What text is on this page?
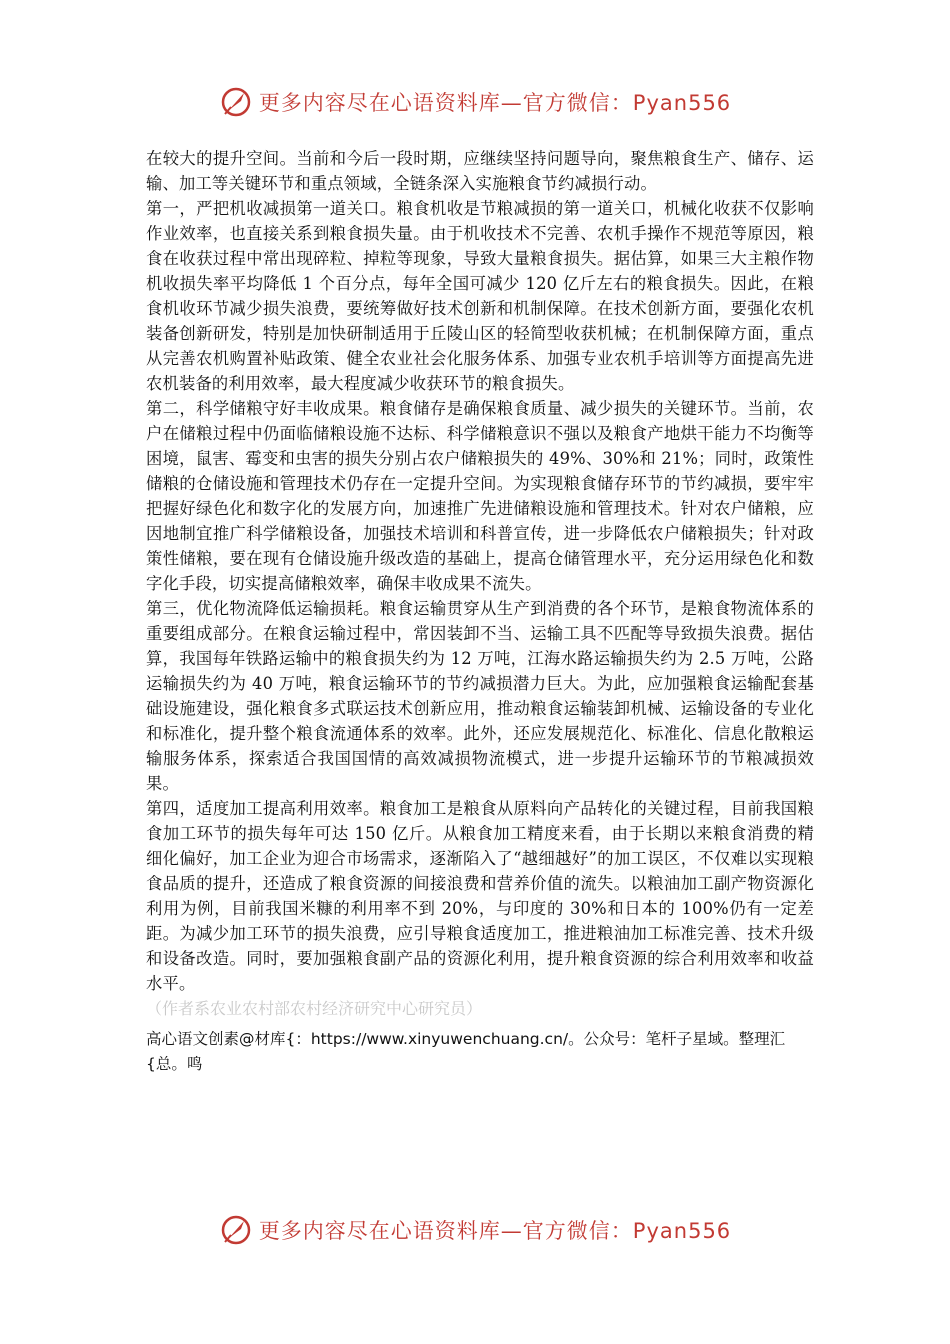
更多内容尽在心语资料库—官方微信：Pyan556

在较大的提升空间。当前和今后一段时期，应继续坚持问题导向，聚焦粮食生产、储存、运输、加工等关键环节和重点领域，全链条深入实施粮食节约减损行动。

第一，严把机收减损第一道关口。粮食机收是节粮减损的第一道关口，机械化收获不仅影响作业效率，也直接关系到粮食损失量。由于机收技术不完善、农机手操作不规范等原因，粮食在收获过程中常出现碎粒、掉粒等现象，导致大量粮食损失。据估算，如果三大主粮作物机收损失率平均降低 1 个百分点，每年全国可减少 120 亿斤左右的粮食损失。因此，在粮食机收环节减少损失浪费，要统筹做好技术创新和机制保障。在技术创新方面，要强化农机装备创新研发，特别是加快研制适用于丘陵山区的轻简型收获机械；在机制保障方面，重点从完善农机购置补贴政策、健全农业社会化服务体系、加强专业农机手培训等方面提高先进农机装备的利用效率，最大程度减少收获环节的粮食损失。

第二，科学储粮守好丰收成果。粮食储存是确保粮食质量、减少损失的关键环节。当前，农户在储粮过程中仍面临储粮设施不达标、科学储粮意识不强以及粮食产地烘干能力不均衡等困境，鼠害、霉变和虫害的损失分别占农户储粮损失的 49%、30%和 21%；同时，政策性储粮的仓储设施和管理技术仍存在一定提升空间。为实现粮食储存环节的节约减损，要牢牢把握好绿色化和数字化的发展方向，加速推广先进储粮设施和管理技术。针对农户储粮，应因地制宜推广科学储粮设备，加强技术培训和科普宣传，进一步降低农户储粮损失；针对政策性储粮，要在现有仓储设施升级改造的基础上，提高仓储管理水平，充分运用绿色化和数字化手段，切实提高储粮效率，确保丰收成果不流失。

第三，优化物流降低运输损耗。粮食运输贯穿从生产到消费的各个环节，是粮食物流体系的重要组成部分。在粮食运输过程中，常因装卸不当、运输工具不匹配等导致损失浪费。据估算，我国每年铁路运输中的粮食损失约为 12 万吨，江海水路运输损失约为 2.5 万吨，公路运输损失约为 40 万吨，粮食运输环节的节约减损潜力巨大。为此，应加强粮食运输配套基础设施建设，强化粮食多式联运技术创新应用，推动粮食运输装卸机械、运输设备的专业化和标准化，提升整个粮食流通体系的效率。此外，还应发展规范化、标准化、信息化散粮运输服务体系，探索适合我国国情的高效减损物流模式，进一步提升运输环节的节粮减损效果。

第四，适度加工提高利用效率。粮食加工是粮食从原料向产品转化的关键过程，目前我国粮食加工环节的损失每年可达 150 亿斤。从粮食加工精度来看，由于长期以来粮食消费的精细化偏好，加工企业为迎合市场需求，逐渐陷入了“越细越好”的加工误区，不仅难以实现粮食品质的提升，还造成了粮食资源的间接浪费和营养价值的流失。以粮油加工副产物资源化利用为例，目前我国米糠的利用率不到 20%，与印度的 30%和日本的 100%仍有一定差距。为减少加工环节的损失浪费，应引导粮食适度加工，推进粮油加工标准完善、技术升级和设备改造。同时，要加强粮食副产品的资源化利用，提升粮食资源的综合利用效率和收益水平。

（作者系农业农村部农村经济研究中心研究员）

高心语文创素@材库{：https://www.xinyuwenchuang.cn/。公众号：笔杆子星域。整理汇{总。鸣

更多内容尽在心语资料库—官方微信：Pyan556
